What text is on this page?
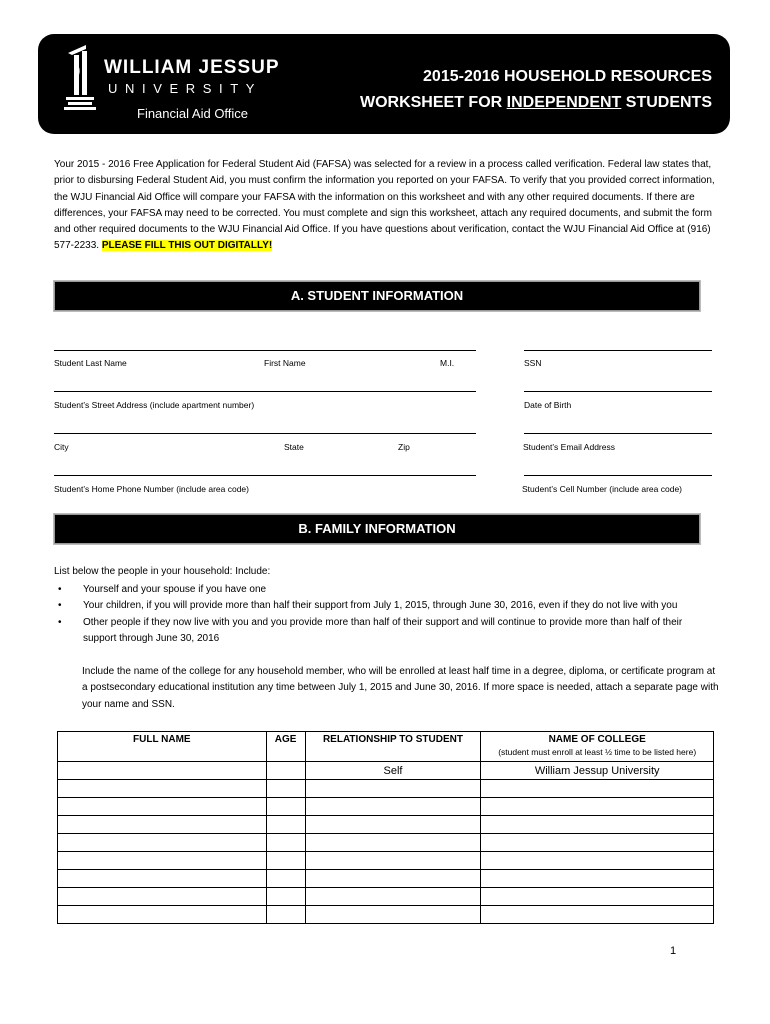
WILLIAM JESSUP
UNIVERSITY
Financial Aid Office
2015-2016 HOUSEHOLD RESOURCES
WORKSHEET FOR INDEPENDENT STUDENTS
Your 2015 - 2016 Free Application for Federal Student Aid (FAFSA) was selected for a review in a process called verification. Federal law states that, prior to disbursing Federal Student Aid, you must confirm the information you reported on your FAFSA. To verify that you provided correct information, the WJU Financial Aid Office will compare your FAFSA with the information on this worksheet and with any other required documents. If there are differences, your FAFSA may need to be corrected. You must complete and sign this worksheet, attach any required documents, and submit the form and other required documents to the WJU Financial Aid Office. If you have questions about verification, contact the WJU Financial Aid Office at (916) 577-2233. PLEASE FILL THIS OUT DIGITALLY!
A. STUDENT INFORMATION
Student Last Name	First Name	M.I.	SSN
Student’s Street Address (include apartment number)	Date of Birth
City	State	Zip	Student’s Email Address
Student’s Home Phone Number (include area code)	Student’s Cell Number (include area code)
B. FAMILY INFORMATION
List below the people in your household: Include:
• Yourself and your spouse if you have one
• Your children, if you will provide more than half their support from July 1, 2015, through June 30, 2016, even if they do not live with you
• Other people if they now live with you and you provide more than half of their support and will continue to provide more than half of their support through June 30, 2016
Include the name of the college for any household member, who will be enrolled at least half time in a degree, diploma, or certificate program at a postsecondary educational institution any time between July 1, 2015 and June 30, 2016. If more space is needed, attach a separate page with your name and SSN.
FULL NAME	AGE	RELATIONSHIP TO STUDENT	NAME OF COLLEGE
(student must enroll at least ½ time to be listed here)

		Self	William Jessup University

1
